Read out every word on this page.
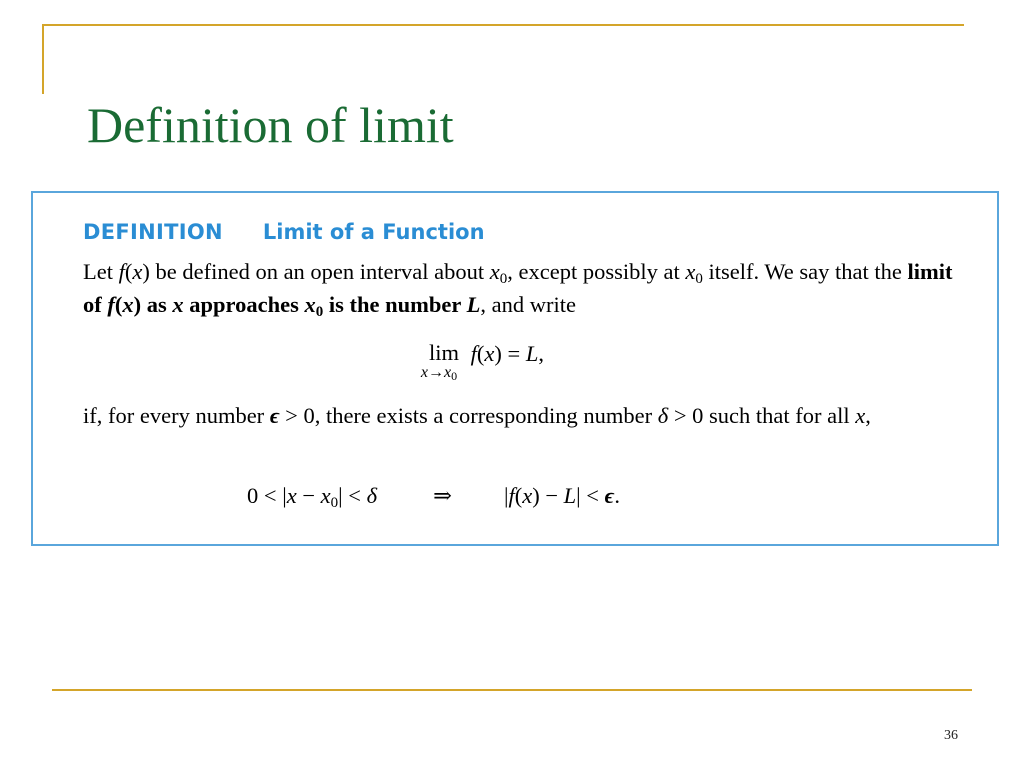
Definition of limit
DEFINITION Limit of a Function

Let f(x) be defined on an open interval about $x_0$, except possibly at $x_0$ itself. We say that the limit of f(x) as x approaches $x_0$ is the number L, and write

lim
$x\to x_0$
f(x) = L,

if, for every number ϵ > 0, there exists a corresponding number δ > 0 such that for all x,

$0 < |x - x_0| < \delta$ ⇒ |f(x) − L| < ϵ.
36
